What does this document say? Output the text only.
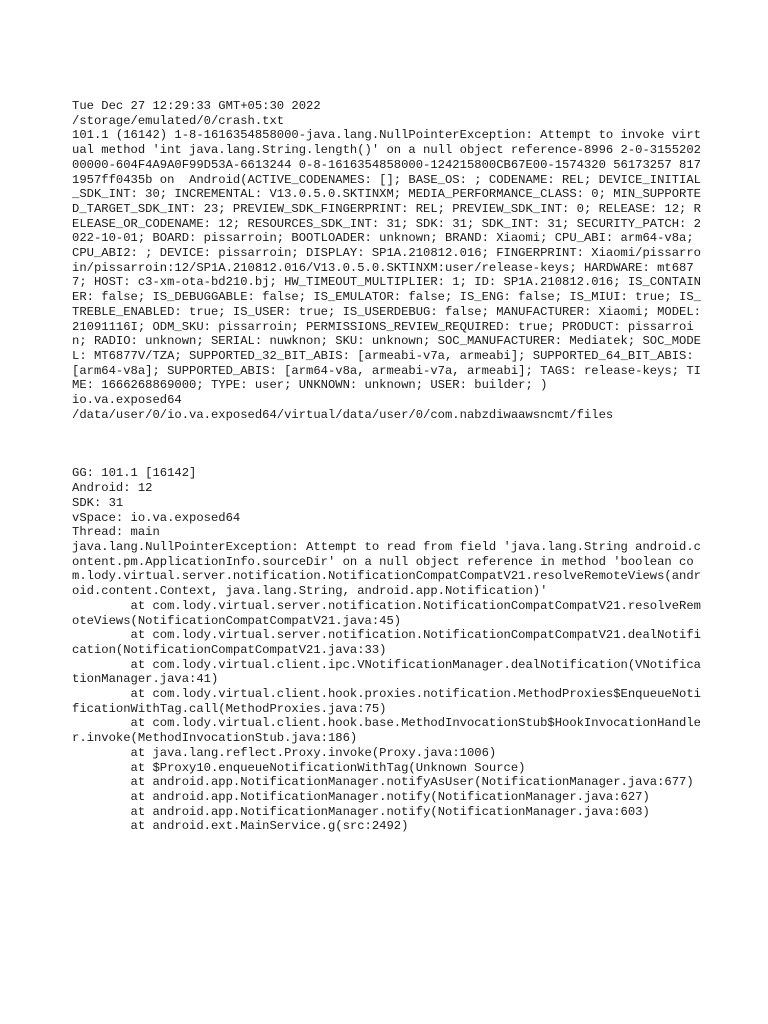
Tue Dec 27 12:29:33 GMT+05:30 2022
/storage/emulated/0/crash.txt
101.1 (16142) 1-8-1616354858000-java.lang.NullPointerException: Attempt to invoke virtual method 'int java.lang.String.length()' on a null object reference-8996 2-0-315520200000-604F4A9A0F99D53A-6613244 0-8-1616354858000-124215800CB67E00-1574320 56173257 817 1957ff0435b on  Android(ACTIVE_CODENAMES: []; BASE_OS: ; CODENAME: REL; DEVICE_INITIAL_SDK_INT: 30; INCREMENTAL: V13.0.5.0.SKTINXM; MEDIA_PERFORMANCE_CLASS: 0; MIN_SUPPORTED_TARGET_SDK_INT: 23; PREVIEW_SDK_FINGERPRINT: REL; PREVIEW_SDK_INT: 0; RELEASE: 12; RELEASE_OR_CODENAME: 12; RESOURCES_SDK_INT: 31; SDK: 31; SDK_INT: 31; SECURITY_PATCH: 2022-10-01; BOARD: pissarroin; BOOTLOADER: unknown; BRAND: Xiaomi; CPU_ABI: arm64-v8a; CPU_ABI2: ; DEVICE: pissarroin; DISPLAY: SP1A.210812.016; FINGERPRINT: Xiaomi/pissarroin/pissarroin:12/SP1A.210812.016/V13.0.5.0.SKTINXM:user/release-keys; HARDWARE: mt6877; HOST: c3-xm-ota-bd210.bj; HW_TIMEOUT_MULTIPLIER: 1; ID: SP1A.210812.016; IS_CONTAINER: false; IS_DEBUGGABLE: false; IS_EMULATOR: false; IS_ENG: false; IS_MIUI: true; IS_TREBLE_ENABLED: true; IS_USER: true; IS_USERDEBUG: false; MANUFACTURER: Xiaomi; MODEL: 21091116I; ODM_SKU: pissarroin; PERMISSIONS_REVIEW_REQUIRED: true; PRODUCT: pissarroin; RADIO: unknown; SERIAL: nuwknon; SKU: unknown; SOC_MANUFACTURER: Mediatek; SOC_MODEL: MT6877V/TZA; SUPPORTED_32_BIT_ABIS: [armeabi-v7a, armeabi]; SUPPORTED_64_BIT_ABIS: [arm64-v8a]; SUPPORTED_ABIS: [arm64-v8a, armeabi-v7a, armeabi]; TAGS: release-keys; TIME: 1666268869000; TYPE: user; UNKNOWN: unknown; USER: builder; )
io.va.exposed64
/data/user/0/io.va.exposed64/virtual/data/user/0/com.nabzdiwaawsncmt/files
GG: 101.1 [16142]
Android: 12
SDK: 31
vSpace: io.va.exposed64
Thread: main
java.lang.NullPointerException: Attempt to read from field 'java.lang.String android.content.pm.ApplicationInfo.sourceDir' on a null object reference in method 'boolean com.lody.virtual.server.notification.NotificationCompatCompatV21.resolveRemoteViews(android.content.Context, java.lang.String, android.app.Notification)'
	at com.lody.virtual.server.notification.NotificationCompatCompatV21.resolveRemoteViews(NotificationCompatCompatV21.java:45)
	at com.lody.virtual.server.notification.NotificationCompatCompatV21.dealNotification(NotificationCompatCompatV21.java:33)
	at com.lody.virtual.client.ipc.VNotificationManager.dealNotification(VNotificationManager.java:41)
	at com.lody.virtual.client.hook.proxies.notification.MethodProxies$EnqueueNotificationWithTag.call(MethodProxies.java:75)
	at com.lody.virtual.client.hook.base.MethodInvocationStub$HookInvocationHandler.invoke(MethodInvocationStub.java:186)
	at java.lang.reflect.Proxy.invoke(Proxy.java:1006)
	at $Proxy10.enqueueNotificationWithTag(Unknown Source)
	at android.app.NotificationManager.notifyAsUser(NotificationManager.java:677)
	at android.app.NotificationManager.notify(NotificationManager.java:627)
	at android.app.NotificationManager.notify(NotificationManager.java:603)
	at android.ext.MainService.g(src:2492)
